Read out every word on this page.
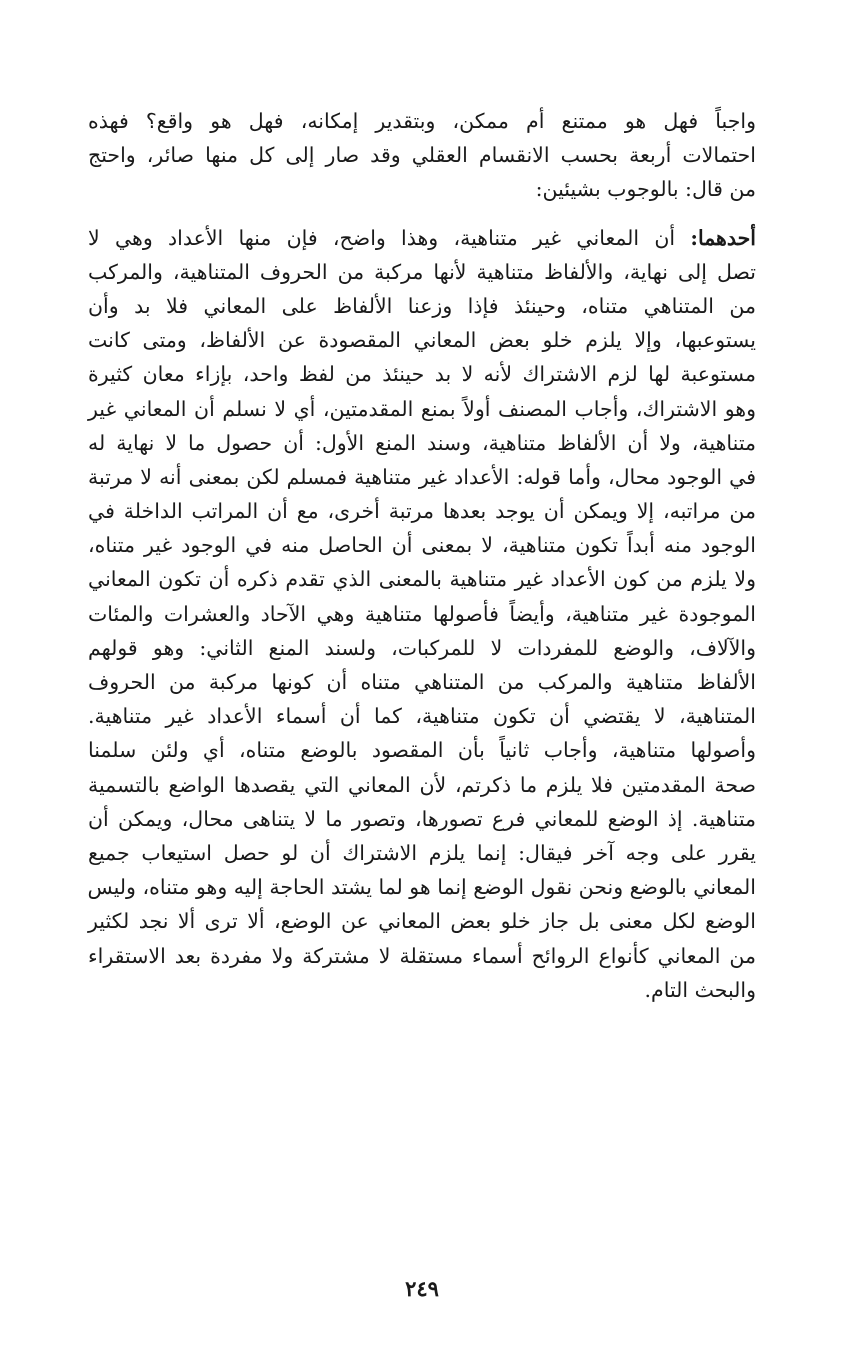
واجباً فهل هو ممتنع أم ممكن، وبتقدير إمكانه، فهل هو واقع؟ فهذه
احتمالات أربعة بحسب الانقسام العقلي وقد صار إلى كل منها صائر، واحتج
من قال: بالوجوب بشيئين:
أحدهما: أن المعاني غير متناهية، وهذا واضح، فإن منها الأعداد وهي لا
تصل إلى نهاية، والألفاظ متناهية لأنها مركبة من الحروف المتناهية، والمركب
من المتناهي متناه، وحينئذ فإذا وزعنا الألفاظ على المعاني فلا بد وأن
يستوعبها، وإلا يلزم خلو بعض المعاني المقصودة عن الألفاظ، ومتى كانت
مستوعبة لها لزم الاشتراك لأنه لا بد حينئذ من لفظ واحد، بإزاء معان كثيرة
وهو الاشتراك، وأجاب المصنف أولاً بمنع المقدمتين، أي لا نسلم أن المعاني غير
متناهية، ولا أن الألفاظ متناهية، وسند المنع الأول: أن حصول ما لا نهاية له
في الوجود محال، وأما قوله: الأعداد غير متناهية فمسلم لكن بمعنى أنه لا مرتبة
من مراتبه، إلا ويمكن أن يوجد بعدها مرتبة أخرى، مع أن المراتب الداخلة في
الوجود منه أبداً تكون متناهية، لا بمعنى أن الحاصل منه في الوجود غير متناه،
ولا يلزم من كون الأعداد غير متناهية بالمعنى الذي تقدم ذكره أن تكون المعاني
الموجودة غير متناهية، وأيضاً فأصولها متناهية وهي الآحاد والعشرات والمئات
والآلاف، والوضع للمفردات لا للمركبات، ولسند المنع الثاني: وهو قولهم
الألفاظ متناهية والمركب من المتناهي متناه أن كونها مركبة من الحروف
المتناهية، لا يقتضي أن تكون متناهية، كما أن أسماء الأعداد غير متناهية.
وأصولها متناهية، وأجاب ثانياً بأن المقصود بالوضع متناه، أي ولئن سلمنا
صحة المقدمتين فلا يلزم ما ذكرتم، لأن المعاني التي يقصدها الواضع بالتسمية
متناهية. إذ الوضع للمعاني فرع تصورها، وتصور ما لا يتناهى محال، ويمكن أن
يقرر على وجه آخر فيقال: إنما يلزم الاشتراك أن لو حصل استيعاب جميع
المعاني بالوضع ونحن نقول الوضع إنما هو لما يشتد الحاجة إليه وهو متناه، وليس
الوضع لكل معنى بل جاز خلو بعض المعاني عن الوضع، ألا ترى ألا نجد لكثير
من المعاني كأنواع الروائح أسماء مستقلة لا مشتركة ولا مفردة بعد الاستقراء
والبحث التام.
٢٤٩
